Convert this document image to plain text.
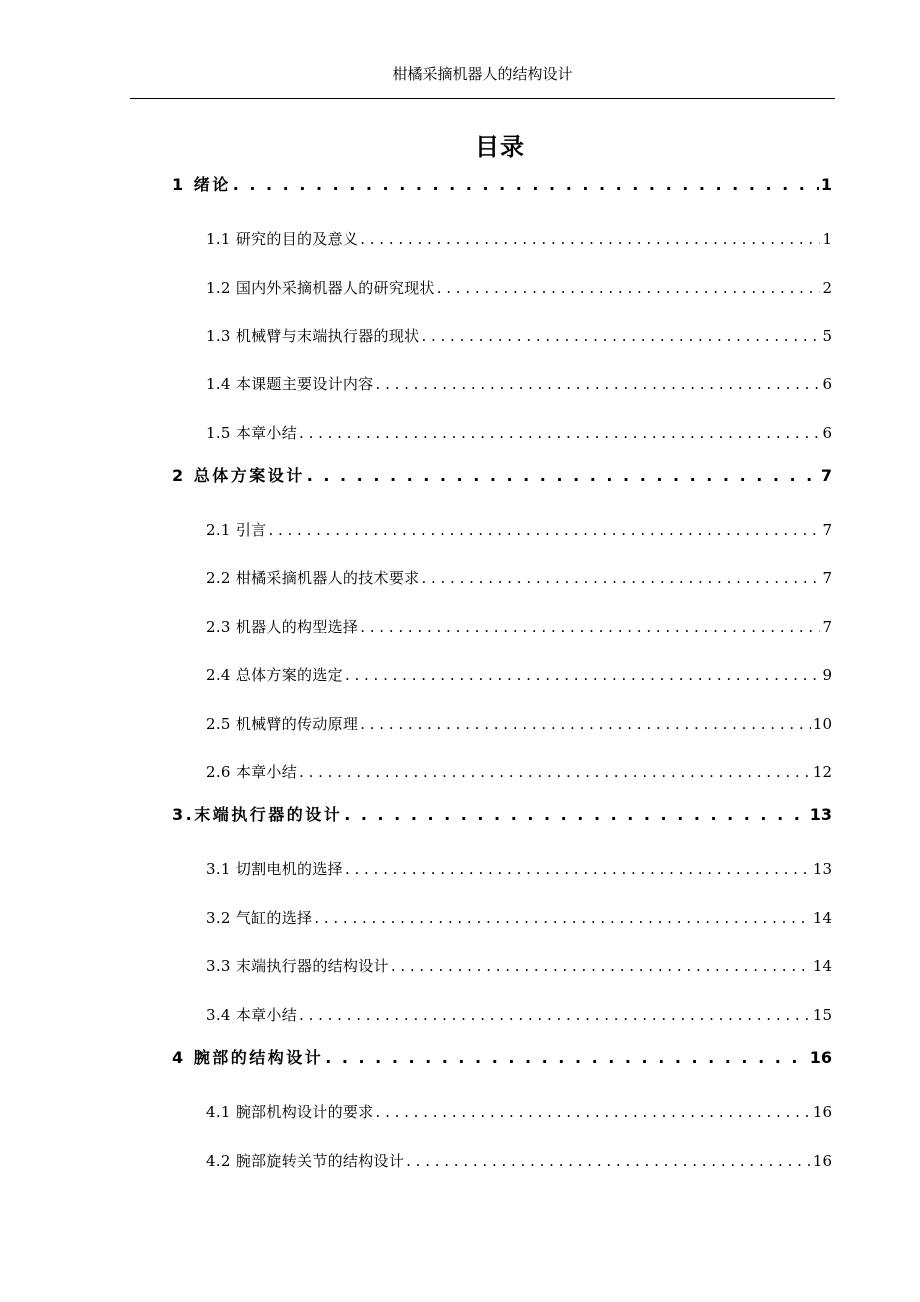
柑橘采摘机器人的结构设计
目录
1 绪论 . . .	1
1.1 研究的目的及意义 . . .	1
1.2 国内外采摘机器人的研究现状 . . .	2
1.3 机械臂与末端执行器的现状 . . .	5
1.4 本课题主要设计内容 . . .	6
1.5 本章小结 . . .	6
2 总体方案设计 . . .	7
2.1 引言 . . .	7
2.2 柑橘采摘机器人的技术要求 . . .	7
2.3 机器人的构型选择 . . .	7
2.4 总体方案的选定 . . .	9
2.5 机械臂的传动原理 . . .	10
2.6 本章小结 . . .	12
3.末端执行器的设计 . . .	13
3.1 切割电机的选择 . . .	13
3.2 气缸的选择 . . .	14
3.3 末端执行器的结构设计 . . .	14
3.4 本章小结 . . .	15
4 腕部的结构设计 . . .	16
4.1 腕部机构设计的要求 . . .	16
4.2 腕部旋转关节的结构设计 . . .	16
